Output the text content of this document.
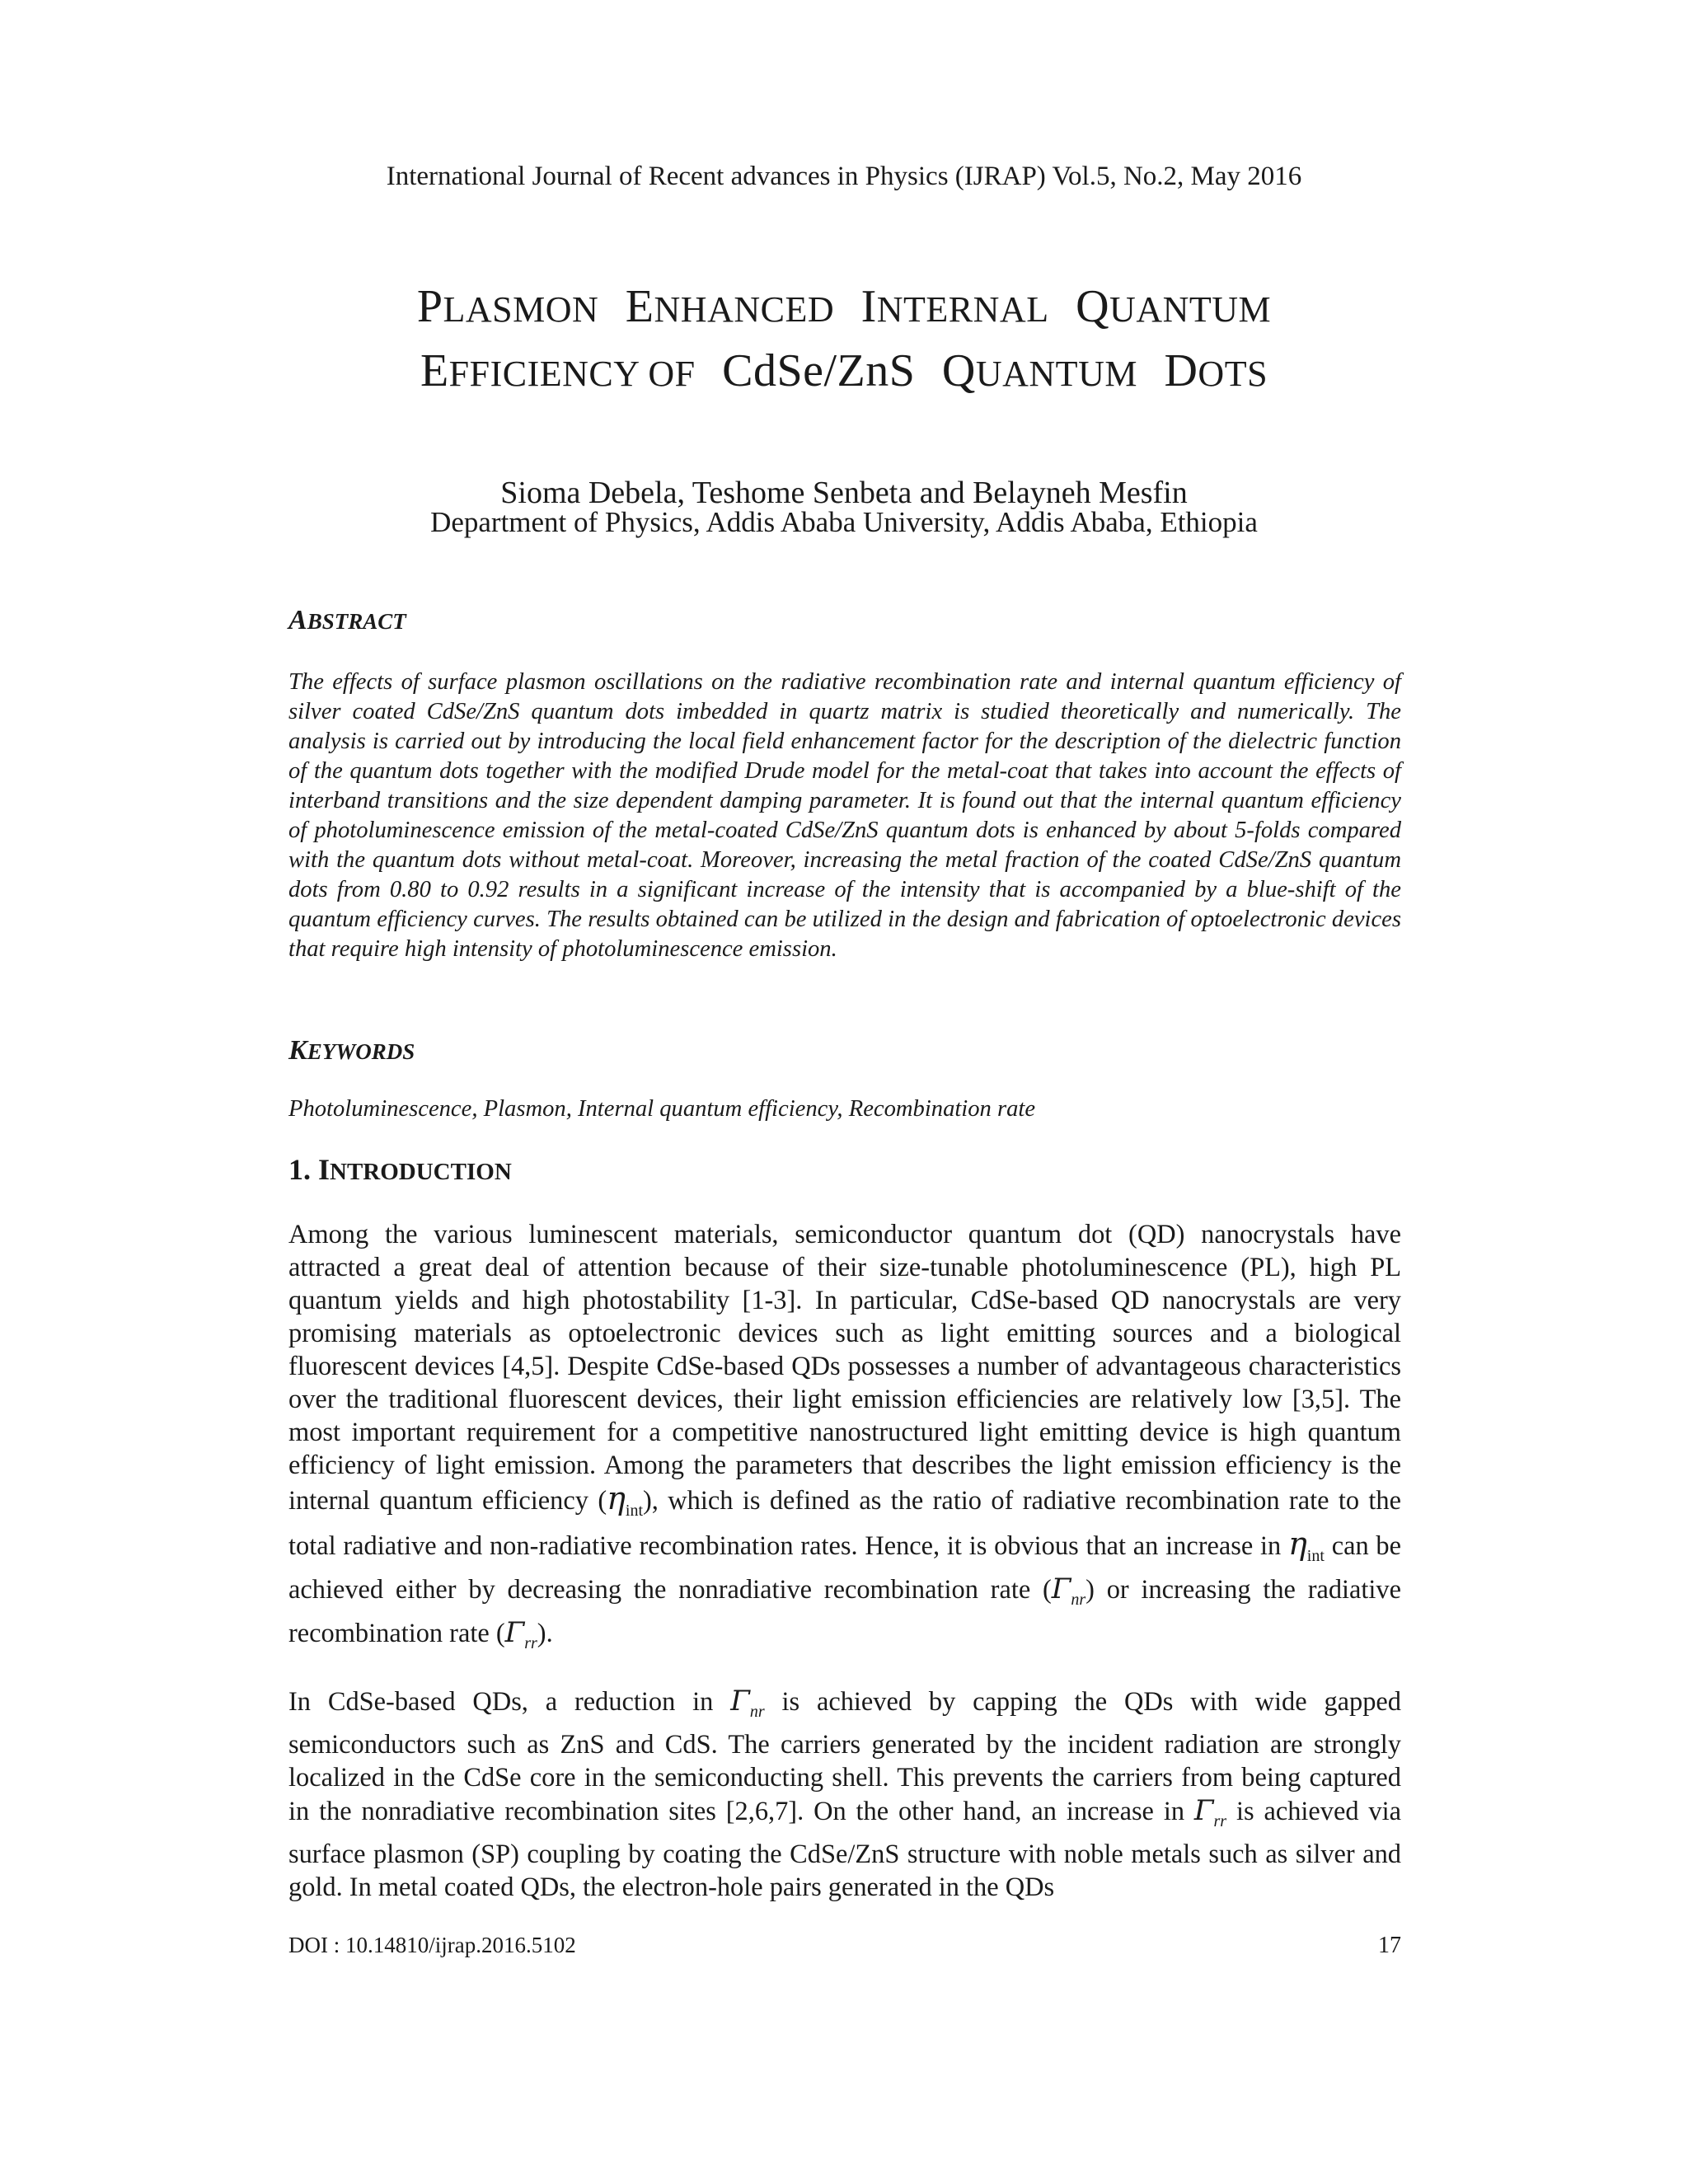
International Journal of Recent advances in Physics (IJRAP) Vol.5, No.2, May 2016
PLASMON ENHANCED INTERNAL QUANTUM
EFFICIENCY OF CdSe/ZnS QUANTUM DOTS
Sioma Debela, Teshome Senbeta and Belayneh Mesfin
Department of Physics, Addis Ababa University, Addis Ababa, Ethiopia
ABSTRACT
The effects of surface plasmon oscillations on the radiative recombination rate and internal quantum efficiency of silver coated CdSe/ZnS quantum dots imbedded in quartz matrix is studied theoretically and numerically. The analysis is carried out by introducing the local field enhancement factor for the description of the dielectric function of the quantum dots together with the modified Drude model for the metal-coat that takes into account the effects of interband transitions and the size dependent damping parameter. It is found out that the internal quantum efficiency of photoluminescence emission of the metal-coated CdSe/ZnS quantum dots is enhanced by about 5-folds compared with the quantum dots without metal-coat. Moreover, increasing the metal fraction of the coated CdSe/ZnS quantum dots from 0.80 to 0.92 results in a significant increase of the intensity that is accompanied by a blue-shift of the quantum efficiency curves. The results obtained can be utilized in the design and fabrication of optoelectronic devices that require high intensity of photoluminescence emission.
KEYWORDS
Photoluminescence, Plasmon, Internal quantum efficiency, Recombination rate
1. INTRODUCTION
Among the various luminescent materials, semiconductor quantum dot (QD) nanocrystals have attracted a great deal of attention because of their size-tunable photoluminescence (PL), high PL quantum yields and high photostability [1-3]. In particular, CdSe-based QD nanocrystals are very promising materials as optoelectronic devices such as light emitting sources and a biological fluorescent devices [4,5]. Despite CdSe-based QDs possesses a number of advantageous characteristics over the traditional fluorescent devices, their light emission efficiencies are relatively low [3,5]. The most important requirement for a competitive nanostructured light emitting device is high quantum efficiency of light emission. Among the parameters that describes the light emission efficiency is the internal quantum efficiency $(\eta_{int})$, which is defined as the ratio of radiative recombination rate to the total radiative and non-radiative recombination rates. Hence, it is obvious that an increase in $\eta_{int}$ can be achieved either by decreasing the nonradiative recombination rate $(\Gamma_{nr})$ or increasing the radiative recombination rate $(\Gamma_{rr})$.
In CdSe-based QDs, a reduction in $\Gamma_{nr}$ is achieved by capping the QDs with wide gapped semiconductors such as ZnS and CdS. The carriers generated by the incident radiation are strongly localized in the CdSe core in the semiconducting shell. This prevents the carriers from being captured in the nonradiative recombination sites [2,6,7]. On the other hand, an increase in $\Gamma_{rr}$ is achieved via surface plasmon (SP) coupling by coating the CdSe/ZnS structure with noble metals such as silver and gold. In metal coated QDs, the electron-hole pairs generated in the QDs
DOI : 10.14810/ijrap.2016.5102	17
